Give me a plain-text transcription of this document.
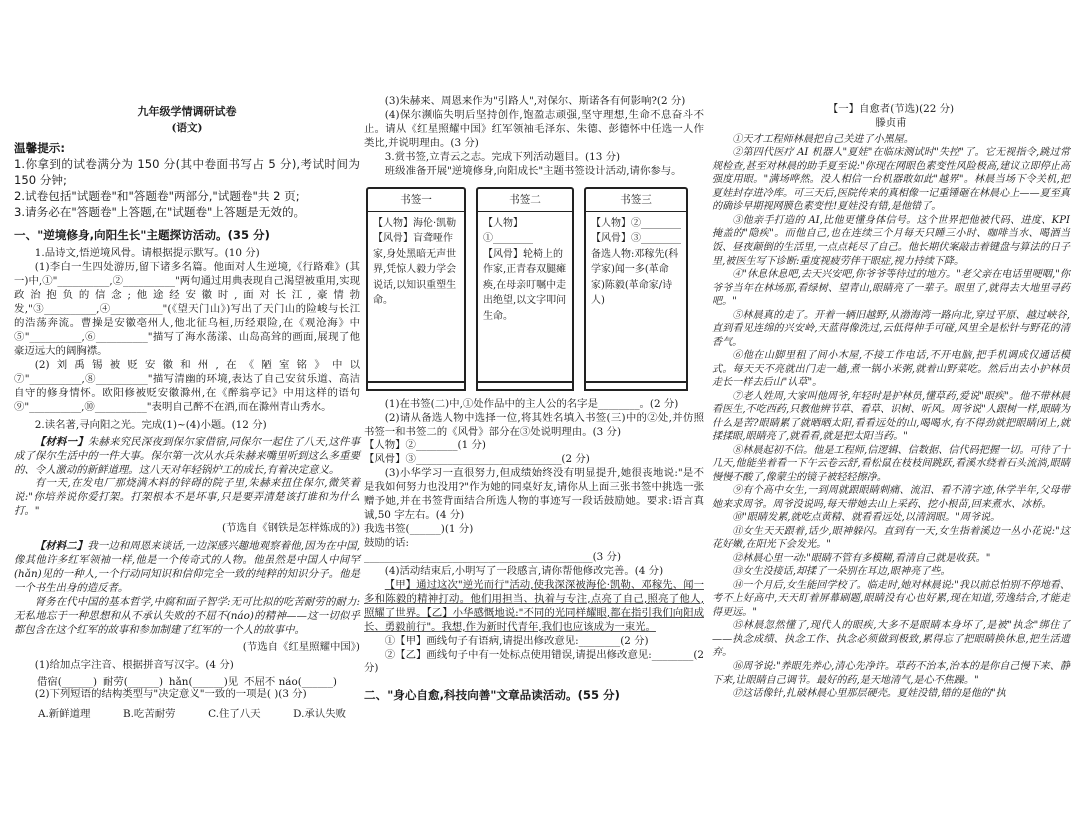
九年级学情调研试卷
(语文)

温馨提示:

1.你拿到的试卷满分为 150 分(其中卷面书写占 5 分),考试时间为 150 分钟;

2.试卷包括"试题卷"和"答题卷"两部分,"试题卷"共 2 页;

3.请务必在"答题卷"上答题,在"试题卷"上答题是无效的。

一、"逆境修身,向阳生长"主题探访活动。(35 分)

1.品诗文,悟逆境风骨。请根据提示默写。(10 分)

(1)李白一生四处游历,留下诸多名篇。他面对人生逆境,《行路难》(其一)中,①"__________,②__________"两句通过用典表现自己渴望被重用,实现政治抱负的信念;他途经安徽时,面对长江,豪情勃发,"③__________,④__________"(《望天门山》)写出了天门山的险峻与长江的浩荡奔流。曹操是安徽亳州人,他北征乌桓,历经艰险,在《观沧海》中⑤"__________,⑥__________"描写了海水荡漾、山岛高耸的画面,展现了他豪迈远大的阔胸襟。

(2)刘禹锡被贬安徽和州,在《陋室铭》中以⑦"__________,⑧__________"描写清幽的环境,表达了自己安贫乐道、高洁自守的修身情怀。欧阳修被贬安徽滁州,在《醉翁亭记》中用这样的语句⑨"__________,⑩__________"表明自己醉不在酒,而在滁州青山秀水。

2.读名著,寻向阳之光。完成(1)~(4)小题。(12 分)

【材料一】朱赫来究民深夜到保尔家借宿,同保尔一起住了八天,这件事成了保尔生活中的一件大事。保尔第一次从水兵朱赫来嘴里听到这么多重要的、令人激动的新鲜道理。这八天对年轻锅炉工的成长,有着决定意义。

有一天,在发电厂那烧满木料的锌碍的院子里,朱赫来扭住保尔,微笑着说:"你培养说你爱打架。打架根本不是坏事,只是要弄清楚该打谁和为什么打。"

(节选自《钢铁是怎样炼成的》)

【材料二】我一边和周恩来谈话,一边深感兴趣地观察着他,因为在中国,像其他许多红军领袖一样,他是一个传奇式的人物。他虽然是中国人中间罕(hǎn)见的一种人,一个行动同知识和信仰完全一致的纯粹的知识分子。他是一个书生出身的造反者。

肾务在代中国的基本哲学,中腐和面子智学:无可比拟的吃苦耐劳的耐力:无私地忘于一种思想和从不承认失败的不屈不(náo)的精神——这一切似乎都包含在这个红军的故事和参加制建了红军的一个人的故事中。

(节选自《红星照耀中国》)

(1)给加点字注音、根据拼音写汉字。(4 分)

借宿(______) 耐劳(______) hǎn(______)见 不屈不 náo(______)

(2)下列短语的结构类型与"决定意义"一致的一项是( )(3 分)

A.新鲜道理	B.吃苦耐劳	C.住了八天	D.承认失败

(3)朱赫来、周恩来作为"引路人",对保尔、斯诺各有何影响?(2 分)

(4)保尔濒临失明后坚持创作,饱盈志顽强,坚守理想,生命不息奋斗不止。请从《红星照耀中国》红军领袖毛泽东、朱德、彭德怀中任选一人作类比,并说明理由。(3 分)

3.赏书签,立青云之志。完成下列活动题目。(13 分)

班级准备开展"逆境修身,向阳成长"主题书签设计活动,请你参与。

书签一
【人物】海伦·凯勒
【风骨】盲聋哑作家,身处黑暗无声世界,凭惊人毅力学会说话,以知识重塑生命。
书签二
【人物】①________
【风骨】轮椅上的作家,正青春双腿瘫痪,在母亲叮嘱中走出绝望,以文字叩问生命。
书签三
【人物】②________
【风骨】③________
备选人物:邓稼先(科学家)闻一多(革命家)陈毅(革命家/诗人)

(1)在书签(二)中,①处作品中的主人公的名字是________。(2 分)

(2)请从备选人物中选择一位,将其姓名填入书签(三)中的②处,并仿照书签一和书签二的《风骨》部分在③处说明理由。(3 分)

【人物】②________(1 分)

【风骨】③____________________________(2 分)

(3)小华学习一直很努力,但成绩始终没有明显提升,她很丧地说:"是不是我如何努力也没用?"作为她的同桌好友,请你从上面三张书签中挑选一张赠予她,并在书签背面结合所选人物的事迹写一段话鼓励她。要求:语言真诚,50 字左右。(4 分)

我选书签(______)(1 分)

鼓励的话:

____________________________________________(3 分)

(4)活动结束后,小明写了一段感言,请你帮他修改完善。(4 分)

【甲】通过这次"逆光而行"活动,使我深深被海伦·凯勒、邓稼先、闻一多和陈毅的精神打动。他们用担当、执着与专注,点亮了自己,照亮了他人,照耀了世界。【乙】小华感慨地说:"不同的光同样耀眼,都在指引我们向阳成长、勇毅前行"。我想,作为新时代青年,我们也应该成为一束光。

①【甲】画线句子有语病,请提出修改意见:________(2 分)

②【乙】画线句子中有一处标点使用错误,请提出修改意见:________(2 分)

二、"身心自愈,科技向善"文章品读活动。(55 分)

【一】自愈者(节选)(22 分)

滕贞甫

①天才工程师林晨把自己关进了小黑屋。

②第四代医疗 AI 机器人"夏娃"在临床测试时"失控"了。它无视指令,跳过常规检查,甚至对林晨的助手夏至说:"你现在网眼色素变性风险极高,建议立即停止高强度用眼。"满场哗然。没人相信一台机器敢如此"越界"。林晨当场下令关机,把夏娃封存进冷库。可三天后,医院传来的真相像一记重锤砸在林晨心上——夏至真的确诊早期视网膜色素变性!夏娃没有错,是他错了。

③他亲手打造的 AI,比他更懂身体信号。这个世界把他被代码、进度、KPI 掩盖的"隐疾"。而他自己,也在连续三个月每天只睡三小时、咖啡当水、喝酒当饭、昼夜颠倒的生活里,一点点耗尽了自己。他长期伏案敲击着键盘与算法的日子里,被医生写下诊断:重度视疲劳伴干眼症,视力持续下降。

④"休息休息吧,去天兴安吧,你爷爷等待过的地方。"老父亲在电话里哽咽,"你爷爷当年在林场那,看绿树、望青山,眼睛亮了一辈子。眼里了,就得去大地里寻药吧。"

⑤林晨真的走了。开着一辆旧越野,从渤海湾一路向北,穿过平原、越过峡谷,直到看见连绵的兴安岭,天蓝得像洗过,云低得伸手可碰,风里全是松针与野花的清香气。

⑥他在山脚里租了间小木屋,不接工作电话,不开电脑,把手机调成仅通话模式。每天天不亮就出门走一趟,煮一锅小米粥,就着山野菜吃。然后出去小护林员走长一样去后山"认草"。

⑦老人姓周,大家叫他周爷,年轻时是护林员,懂草药,爱说"眼疾"。他不带林晨看医生,不吃西药,只教他辨节草、看草、识树、听风。周爷说"人跟树一样,眼睛为什么是苦?眼睛累了就晒晒太阳,看看远处的山,喝喝水,有不得劲就把眼睛闭上,就揉揉眼,眼睛亮了,就看看,就是把太阳当药。"

⑧林晨起初不信。他是工程师,信逻辑、信数据、信代码把握一切。可待了十几天,他能坐着看一下午云卷云舒,看松鼠在枝枝间跳跃,看溪水绕着石头流淌,眼睛慢慢不酸了,像蒙尘的镜子被轻轻擦净。

⑨有个高中女生,一到周就跟眼睛刺痛、流泪、看不清字迹,休学半年,父母带她来求周爷。周爷没说吗,每天带她去山上采药、挖小根苗,回来煮水、冰桥。

⑩"眼睛发累,就吃点黄精、就看看远处,以清润眼。"周爷说。

⑪女生天天跟着,话少,眼神躲闪。直到有一天,女生指着溪边一丛小花说:"这花好嫩,在阳光下会发光。"

⑫林晨心里一动:"眼睛不管有多模糊,看清自己就是收获。"

⑬女生没接话,却揉了一朵别在耳边,眼神亮了些。

⑭一个月后,女生能回学校了。临走时,她对林晨说:"我以前总怕别不停地看、考不上好高中,天天盯着屏幕刷题,眼睛没有心也好累,现在知道,劳逸结合,才能走得更远。"

⑮林晨忽然懂了,现代人的眼疾,大多不是眼睛本身坏了,是被"执念"绑住了——执念成绩、执念工作、执念必须做到极致,累得忘了把眼睛换休息,把生活遗弃。

⑯周爷说:"养眼先养心,清心先净许。草药不治本,治本的是你自己慢下来、静下来,让眼睛自己调节。最好的药,是天地清气,是心不焦躁。"

⑰这话像针,扎破林晨心里那层硬壳。夏娃没错,错的是他的"执
